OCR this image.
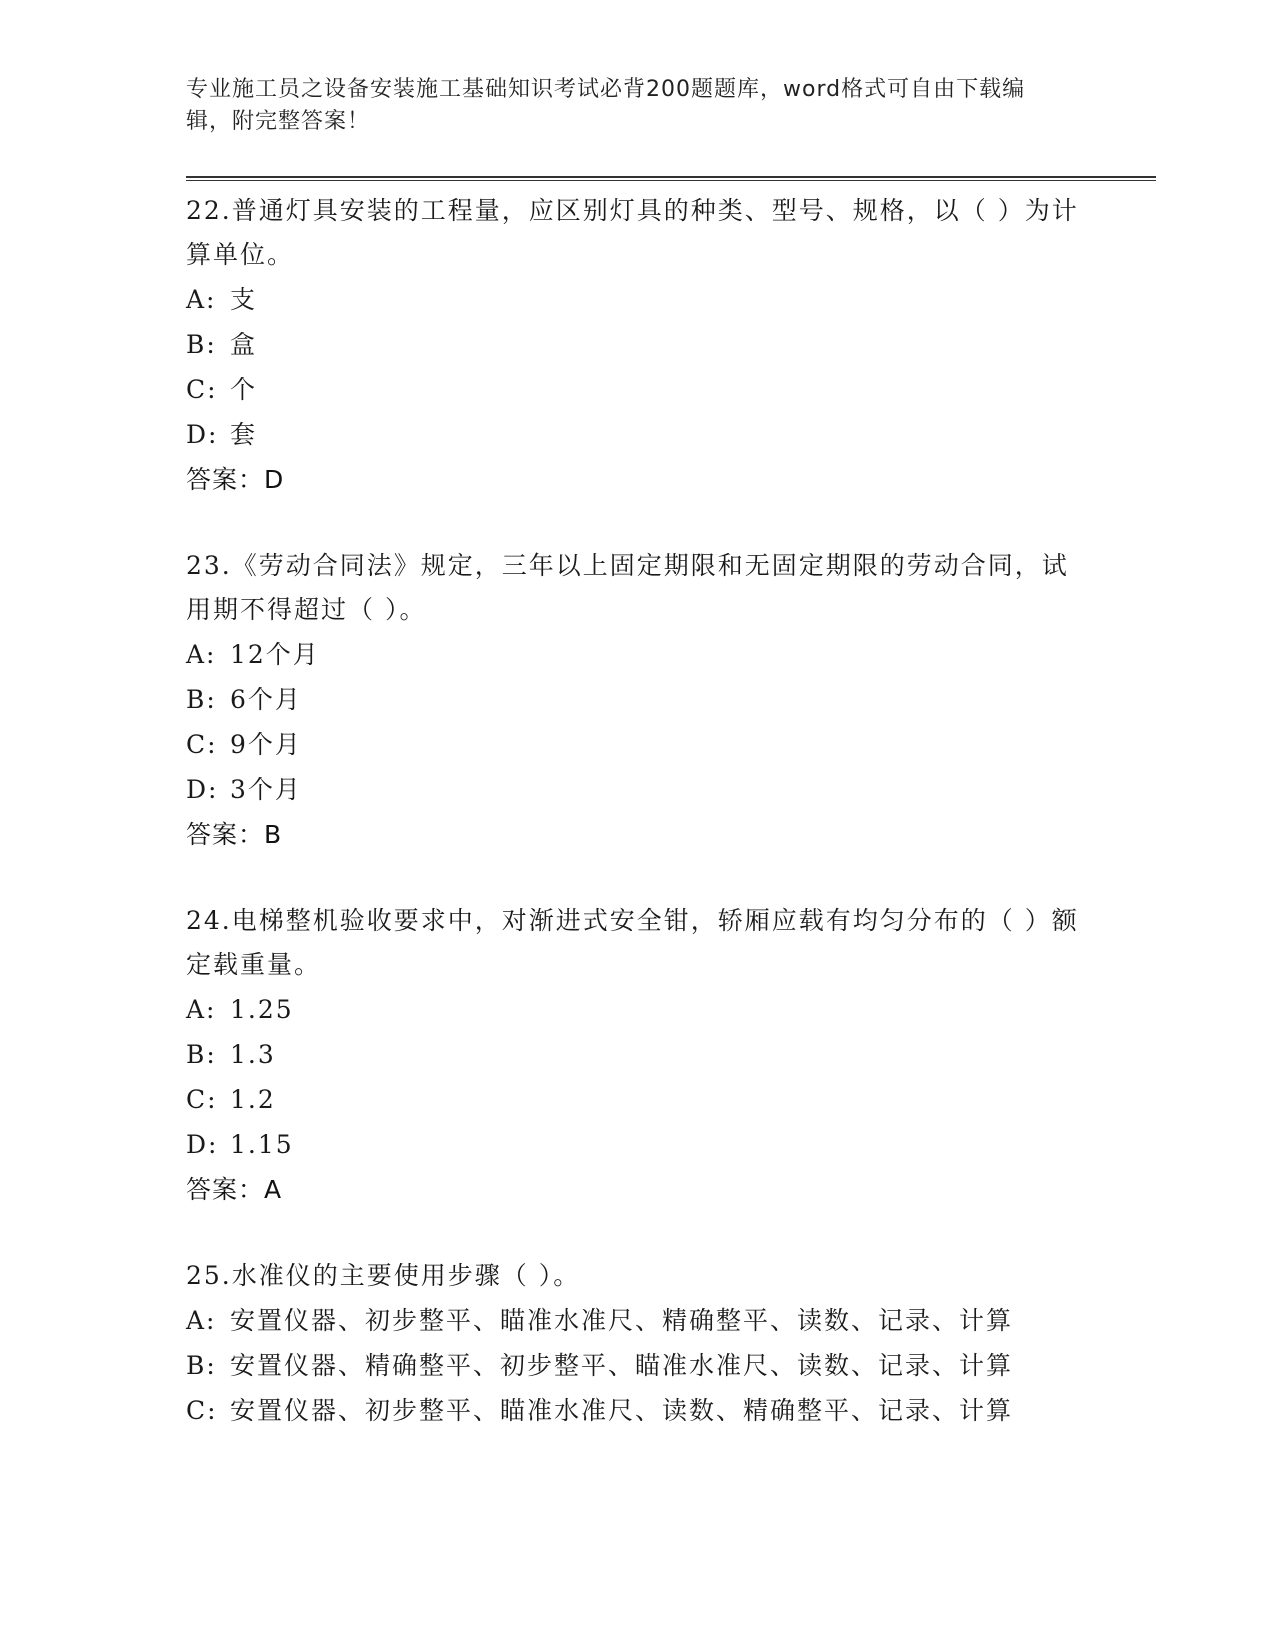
专业施工员之设备安装施工基础知识考试必背200题题库，word格式可自由下载编辑，附完整答案！
22.普通灯具安装的工程量，应区别灯具的种类、型号、规格，以（ ）为计算单位。
A: 支
B: 盒
C: 个
D: 套
答案：D
23.《劳动合同法》规定，三年以上固定期限和无固定期限的劳动合同，试用期不得超过（ ）。
A: 12个月
B: 6个月
C: 9个月
D: 3个月
答案：B
24.电梯整机验收要求中，对渐进式安全钳，轿厢应载有均匀分布的（ ）额定载重量。
A: 1.25
B: 1.3
C: 1.2
D: 1.15
答案：A
25.水准仪的主要使用步骤（ ）。
A: 安置仪器、初步整平、瞄准水准尺、精确整平、读数、记录、计算
B: 安置仪器、精确整平、初步整平、瞄准水准尺、读数、记录、计算
C: 安置仪器、初步整平、瞄准水准尺、读数、精确整平、记录、计算
